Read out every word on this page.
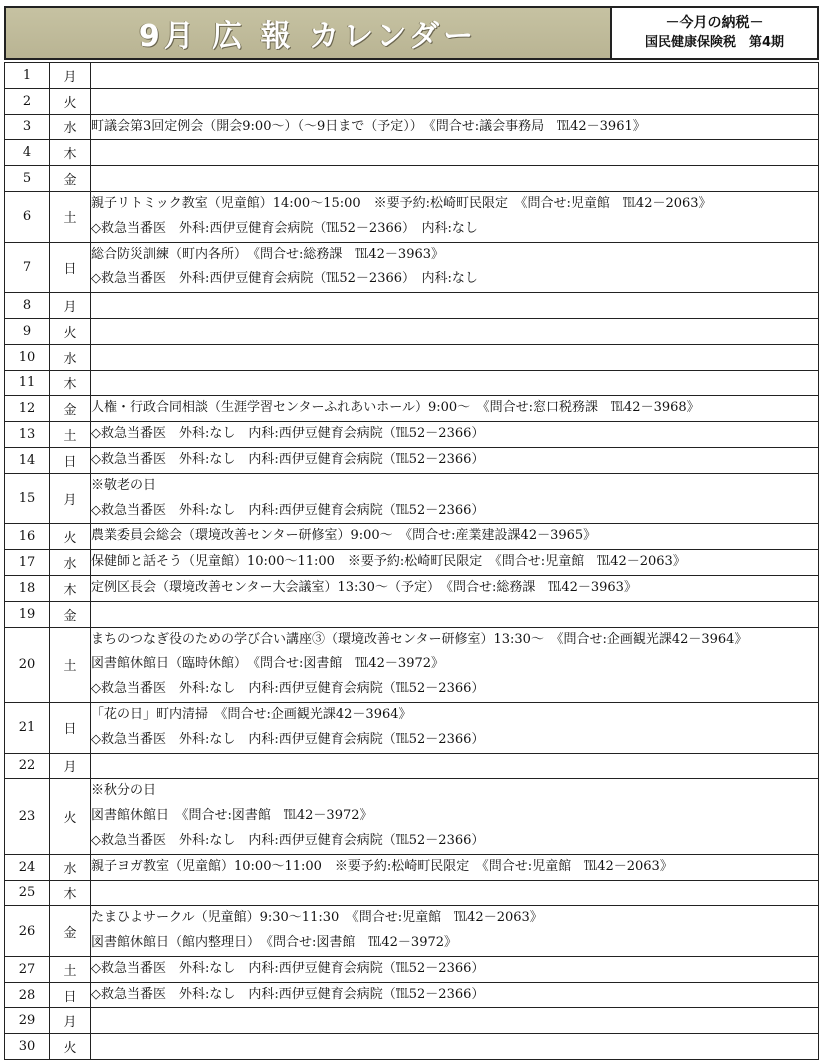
9月 広 報 カレンダー	－今月の納税－
国民健康保険税　第4期
1	月	

2	火	

3	水	町議会第3回定例会（開会9:00～）（～9日まで（予定））　《問合せ:議会事務局　℡42－3961》

4	木	

5	金	

6	土	親子リトミック教室（児童館）14:00～15:00　※要予約:松崎町民限定　《問合せ:児童館　℡42－2063》
◇救急当番医　外科:西伊豆健育会病院（℡52－2366）　内科:なし

7	日	総合防災訓練（町内各所）　《問合せ:総務課　℡42－3963》
◇救急当番医　外科:西伊豆健育会病院（℡52－2366）　内科:なし

8	月	

9	火	

10	水	

11	木	

12	金	人権・行政合同相談（生涯学習センターふれあいホール）9:00～　《問合せ:窓口税務課　℡42－3968》

13	土	◇救急当番医　外科:なし　内科:西伊豆健育会病院（℡52－2366）

14	日	◇救急当番医　外科:なし　内科:西伊豆健育会病院（℡52－2366）

15	月	※敬老の日
◇救急当番医　外科:なし　内科:西伊豆健育会病院（℡52－2366）

16	火	農業委員会総会（環境改善センター研修室）9:00～　《問合せ:産業建設課42－3965》

17	水	保健師と話そう（児童館）10:00～11:00　※要予約:松崎町民限定　《問合せ:児童館　℡42－2063》

18	木	定例区長会（環境改善センター大会議室）13:30～（予定）　《問合せ:総務課　℡42－3963》

19	金	

20	土	まちのつなぎ役のための学び合い講座③（環境改善センター研修室）13:30～　《問合せ:企画観光課42－3964》
図書館休館日（臨時休館）　《問合せ:図書館　℡42－3972》
◇救急当番医　外科:なし　内科:西伊豆健育会病院（℡52－2366）

21	日	「花の日」町内清掃　《問合せ:企画観光課42－3964》
◇救急当番医　外科:なし　内科:西伊豆健育会病院（℡52－2366）

22	月	

23	火	※秋分の日
図書館休館日　《問合せ:図書館　℡42－3972》
◇救急当番医　外科:なし　内科:西伊豆健育会病院（℡52－2366）

24	水	親子ヨガ教室（児童館）10:00～11:00　※要予約:松崎町民限定　《問合せ:児童館　℡42－2063》

25	木	

26	金	たまひよサークル（児童館）9:30～11:30　《問合せ:児童館　℡42－2063》
図書館休館日（館内整理日）　《問合せ:図書館　℡42－3972》

27	土	◇救急当番医　外科:なし　内科:西伊豆健育会病院（℡52－2366）

28	日	◇救急当番医　外科:なし　内科:西伊豆健育会病院（℡52－2366）

29	月	

30	火	
